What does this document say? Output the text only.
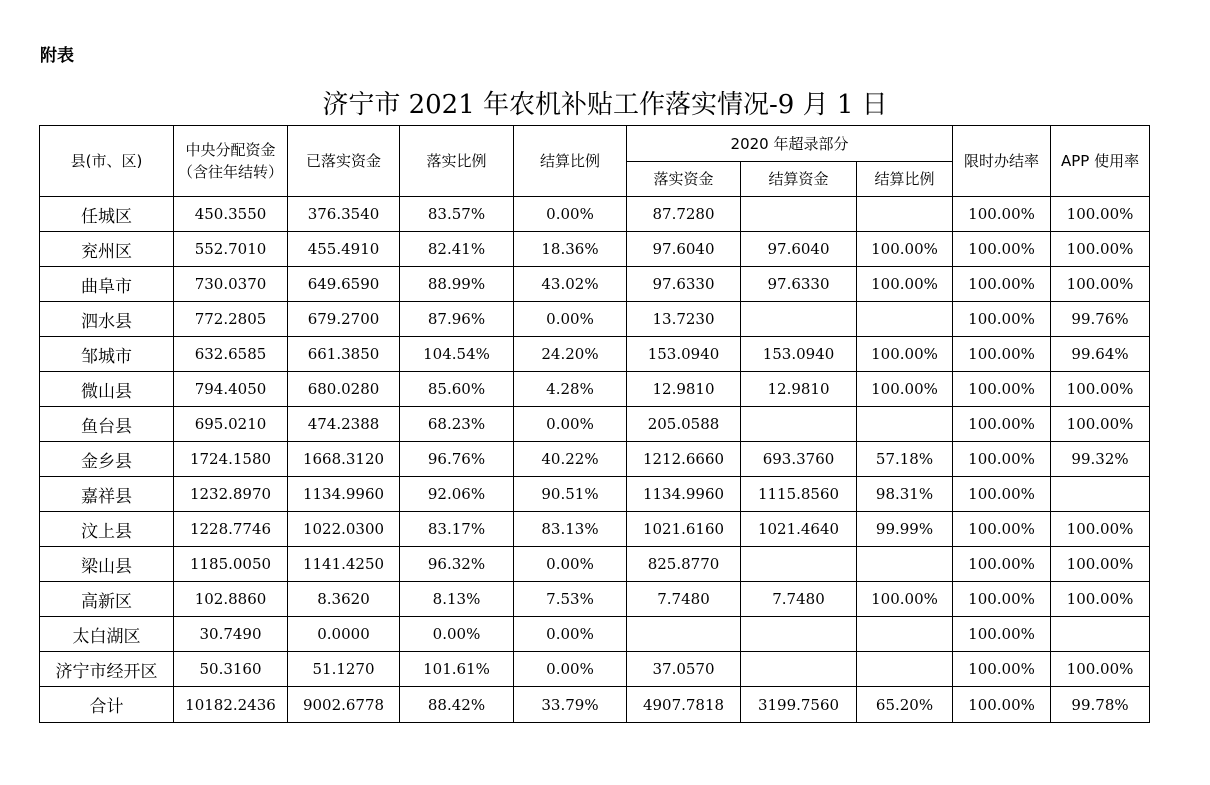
附表
济宁市 2021 年农机补贴工作落实情况-9 月 1 日
县(市、区)	中央分配资金（含往年结转）	已落实资金	落实比例	结算比例	2020 年超录部分			限时办结率	APP 使用率
					落实资金	结算资金	结算比例		
任城区	450.3550	376.3540	83.57%	0.00%	87.7280			100.00%	100.00%
兖州区	552.7010	455.4910	82.41%	18.36%	97.6040	97.6040	100.00%	100.00%	100.00%
曲阜市	730.0370	649.6590	88.99%	43.02%	97.6330	97.6330	100.00%	100.00%	100.00%
泗水县	772.2805	679.2700	87.96%	0.00%	13.7230			100.00%	99.76%
邹城市	632.6585	661.3850	104.54%	24.20%	153.0940	153.0940	100.00%	100.00%	99.64%
微山县	794.4050	680.0280	85.60%	4.28%	12.9810	12.9810	100.00%	100.00%	100.00%
鱼台县	695.0210	474.2388	68.23%	0.00%	205.0588			100.00%	100.00%
金乡县	1724.1580	1668.3120	96.76%	40.22%	1212.6660	693.3760	57.18%	100.00%	99.32%
嘉祥县	1232.8970	1134.9960	92.06%	90.51%	1134.9960	1115.8560	98.31%	100.00%	
汶上县	1228.7746	1022.0300	83.17%	83.13%	1021.6160	1021.4640	99.99%	100.00%	100.00%
梁山县	1185.0050	1141.4250	96.32%	0.00%	825.8770			100.00%	100.00%
高新区	102.8860	8.3620	8.13%	7.53%	7.7480	7.7480	100.00%	100.00%	100.00%
太白湖区	30.7490	0.0000	0.00%	0.00%				100.00%	
济宁市经开区	50.3160	51.1270	101.61%	0.00%	37.0570			100.00%	100.00%
合计	10182.2436	9002.6778	88.42%	33.79%	4907.7818	3199.7560	65.20%	100.00%	99.78%
